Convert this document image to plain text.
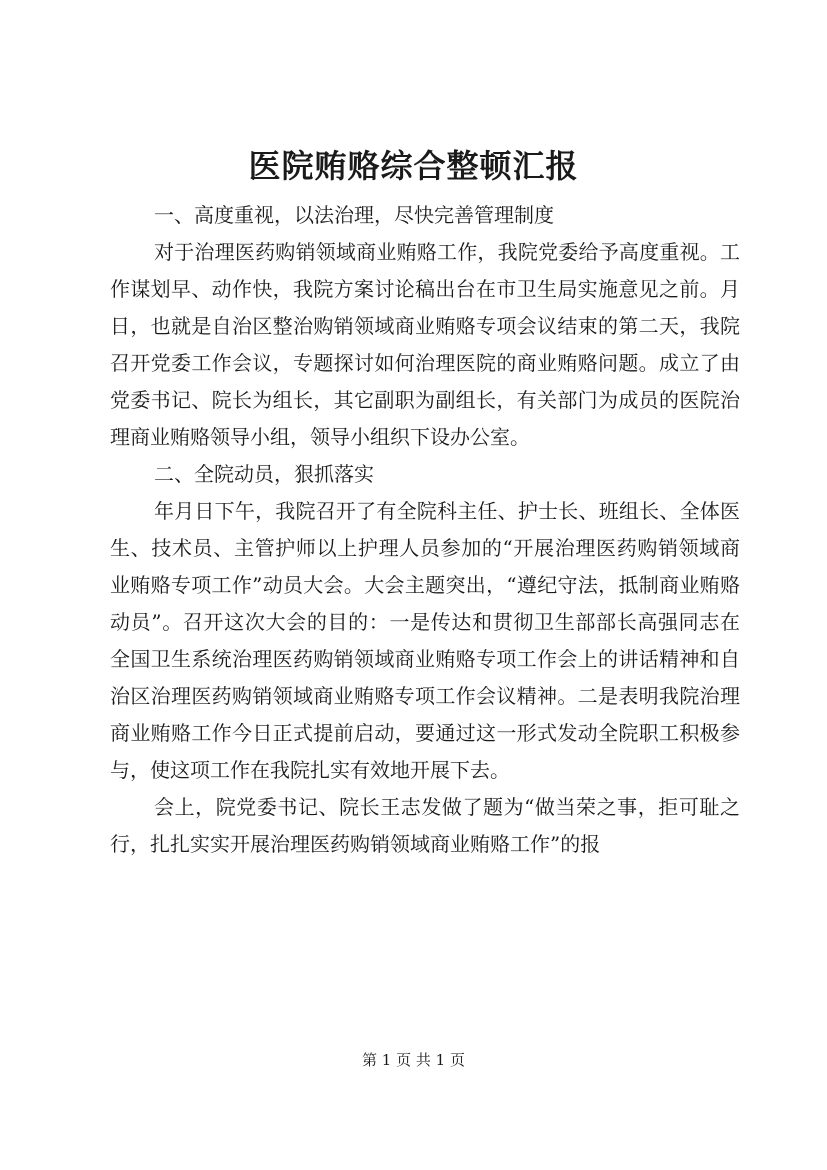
医院贿赂综合整顿汇报

一、高度重视，以法治理，尽快完善管理制度

对于治理医药购销领域商业贿赂工作，我院党委给予高度重视。工作谋划早、动作快，我院方案讨论稿出台在市卫生局实施意见之前。月日，也就是自治区整治购销领域商业贿赂专项会议结束的第二天，我院召开党委工作会议，专题探讨如何治理医院的商业贿赂问题。成立了由党委书记、院长为组长，其它副职为副组长，有关部门为成员的医院治理商业贿赂领导小组，领导小组织下设办公室。

二、全院动员，狠抓落实

年月日下午，我院召开了有全院科主任、护士长、班组长、全体医生、技术员、主管护师以上护理人员参加的“开展治理医药购销领域商业贿赂专项工作”动员大会。大会主题突出，“遵纪守法，抵制商业贿赂动员”。召开这次大会的目的：一是传达和贯彻卫生部部长高强同志在全国卫生系统治理医药购销领域商业贿赂专项工作会上的讲话精神和自治区治理医药购销领域商业贿赂专项工作会议精神。二是表明我院治理商业贿赂工作今日正式提前启动，要通过这一形式发动全院职工积极参与，使这项工作在我院扎实有效地开展下去。

会上，院党委书记、院长王志发做了题为“做当荣之事，拒可耻之行，扎扎实实开展治理医药购销领域商业贿赂工作”的报

第 1 页 共 1 页
